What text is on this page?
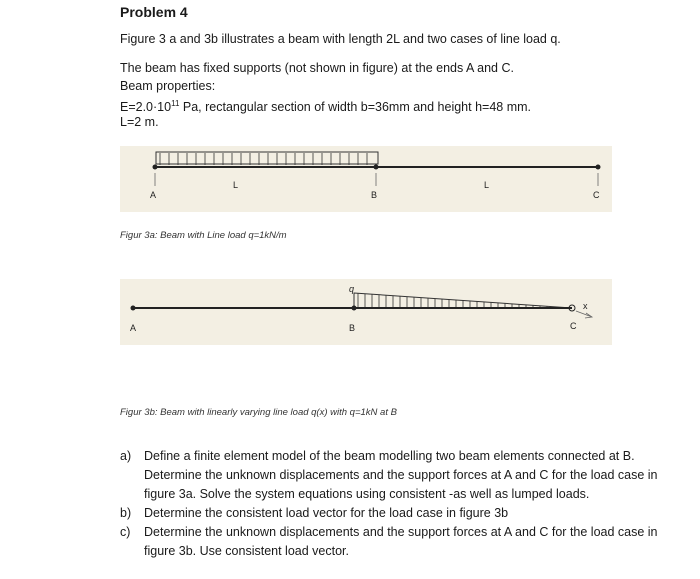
Problem 4
Figure 3 a and 3b illustrates a beam with length 2L and two cases of line load q.
The beam has fixed supports (not shown in figure) at the ends A and C.
Beam properties:
$E=2.0\cdot 10^{11}$ Pa, rectangular section of width b=36mm and height h=48 mm.
L=2 m.
A
L
B
L
C
Figur 3a: Beam with Line load q=1kN/m
q
A	B	C
x
Figur 3b: Beam with linearly varying line load q(x) with q=1kN at B
a) Define a finite element model of the beam modelling two beam elements connected at B. Determine the unknown displacements and the support forces at A and C for the load case in figure 3a. Solve the system equations using consistent -as well as lumped loads.
b) Determine the consistent load vector for the load case in figure 3b
c) Determine the unknown displacements and the support forces at A and C for the load case in figure 3b. Use consistent load vector.
